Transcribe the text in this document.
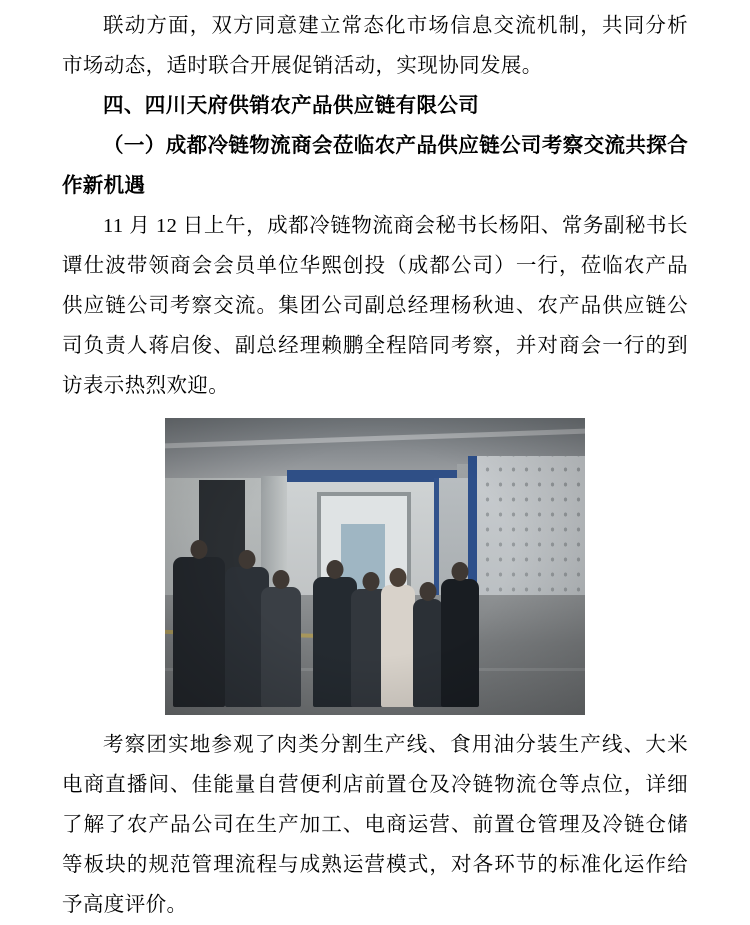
联动方面，双方同意建立常态化市场信息交流机制，共同分析市场动态，适时联合开展促销活动，实现协同发展。

四、四川天府供销农产品供应链有限公司

（一）成都冷链物流商会莅临农产品供应链公司考察交流共探合作新机遇

11 月 12 日上午，成都冷链物流商会秘书长杨阳、常务副秘书长谭仕波带领商会会员单位华熙创投（成都公司）一行，莅临农产品供应链公司考察交流。集团公司副总经理杨秋迪、农产品供应链公司负责人蒋启俊、副总经理赖鹏全程陪同考察，并对商会一行的到访表示热烈欢迎。

考察团实地参观了肉类分割生产线、食用油分装生产线、大米电商直播间、佳能量自营便利店前置仓及冷链物流仓等点位，详细了解了农产品公司在生产加工、电商运营、前置仓管理及冷链仓储等板块的规范管理流程与成熟运营模式，对各环节的标准化运作给予高度评价。
